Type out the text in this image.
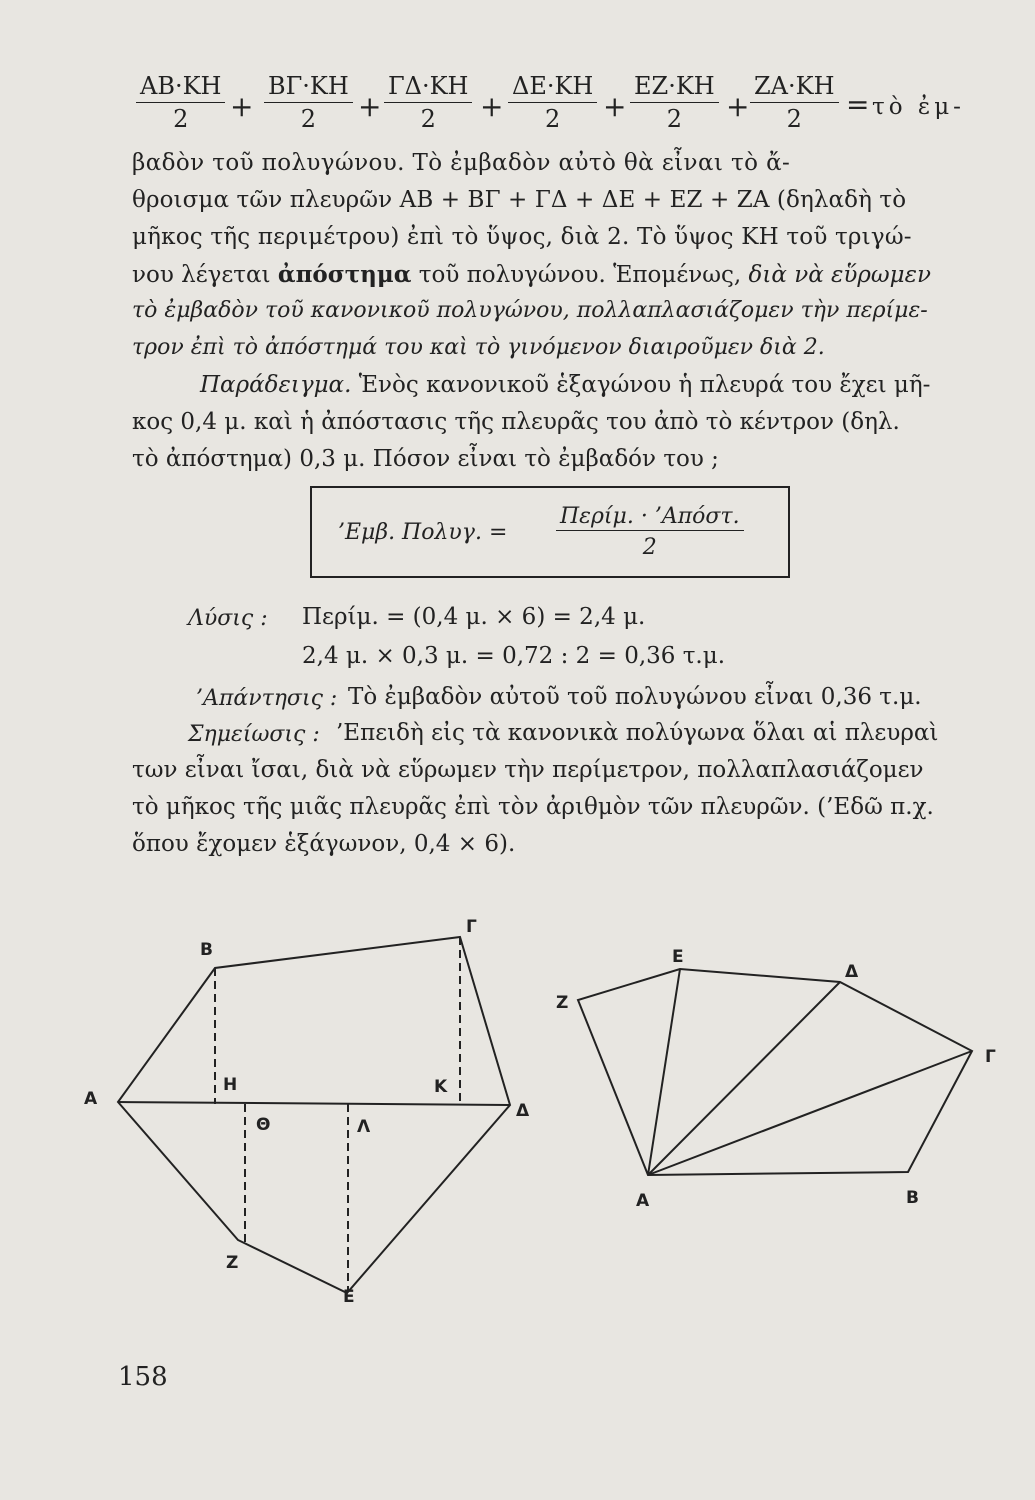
$\frac{AB\cdot KH}{2} + \frac{B\Gamma\cdot KH}{2} + \frac{\Gamma\Delta\cdot KH}{2} + \frac{\Delta E\cdot KH}{2} + \frac{EZ\cdot KH}{2} + \frac{ZA\cdot KH}{2}$ = τὸ ἐμ-
βαδὸν τοῦ πολυγώνου. Τὸ ἐμβαδὸν αὐτὸ θὰ εἶναι τὸ ἄ-
θροισμα τῶν πλευρῶν ΑΒ + ΒΓ + ΓΔ + ΔΕ + ΕΖ + ΖΑ (δηλαδὴ τὸ
μῆκος τῆς περιμέτρου) ἐπὶ τὸ ὕψος, διὰ 2. Τὸ ὕψος ΚΗ τοῦ τριγώ-
νου λέγεται ἀπόστημα τοῦ πολυγώνου. Ἑπομένως, διὰ νὰ εὕρωμεν
τὸ ἐμβαδὸν τοῦ κανονικοῦ πολυγώνου, πολλαπλασιάζομεν τὴν περίμε-
τρον ἐπὶ τὸ ἀπόστημά του καὶ τὸ γινόμενον διαιροῦμεν διὰ 2.
Παράδειγμα. Ἑνὸς κανονικοῦ ἑξαγώνου ἡ πλευρά του ἔχει μῆ-
κος 0,4 μ. καὶ ἡ ἀπόστασις τῆς πλευρᾶς του ἀπὸ τὸ κέντρον (δηλ.
τὸ ἀπόστημα) 0,3 μ. Πόσον εἶναι τὸ ἐμβαδόν του ;
’Εμβ. Πολυγ. =
Περίμ. · ’Απόστ.
2
Λύσις : Περίμ. = (0,4 μ. × 6) = 2,4 μ.
2,4 μ. × 0,3 μ. = 0,72 : 2 = 0,36 τ.μ.
’Απάντησις : Τὸ ἐμβαδὸν αὐτοῦ τοῦ πολυγώνου εἶναι 0,36 τ.μ.
Σημείωσις : ’Επειδὴ εἰς τὰ κανονικὰ πολύγωνα ὅλαι αἱ πλευραὶ
των εἶναι ἴσαι, διὰ νὰ εὕρωμεν τὴν περίμετρον, πολλαπλασιάζομεν
τὸ μῆκος τῆς μιᾶς πλευρᾶς ἐπὶ τὸν ἀριθμὸν τῶν πλευρῶν. (’Εδῶ π.χ.
ὅπου ἔχομεν ἑξάγωνον, 0,4 × 6).
Α
Β
Γ
Δ
Ε
Ζ
Η	Κ
Θ	Λ
Α	Β
Γ
Δ
Ε
Ζ
158
